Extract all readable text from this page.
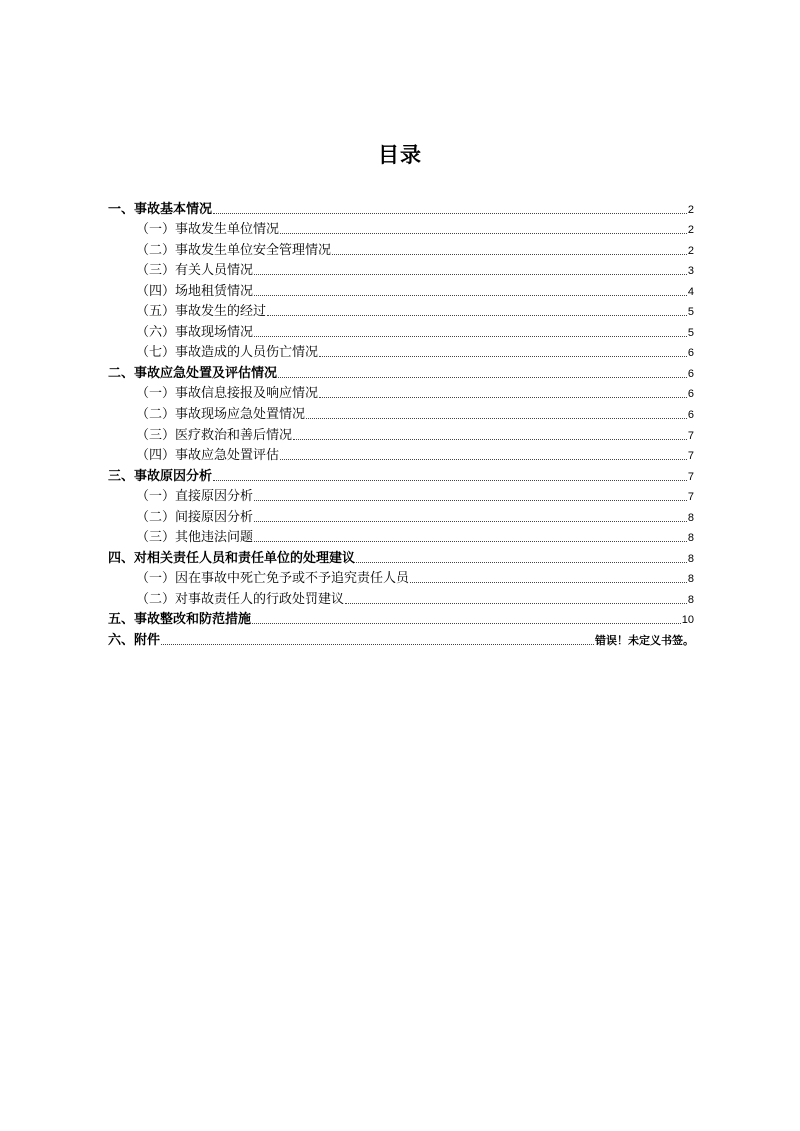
目录
一、事故基本情况	2
（一）事故发生单位情况	2
（二）事故发生单位安全管理情况	2
（三）有关人员情况	3
（四）场地租赁情况	4
（五）事故发生的经过	5
（六）事故现场情况	5
（七）事故造成的人员伤亡情况	6
二、事故应急处置及评估情况	6
（一）事故信息接报及响应情况	6
（二）事故现场应急处置情况	6
（三）医疗救治和善后情况	7
（四）事故应急处置评估	7
三、事故原因分析	7
（一）直接原因分析	7
（二）间接原因分析	8
（三）其他违法问题	8
四、对相关责任人员和责任单位的处理建议	8
（一）因在事故中死亡免予或不予追究责任人员	8
（二）对事故责任人的行政处罚建议	8
五、事故整改和防范措施	10
六、附件	错误！未定义书签。
